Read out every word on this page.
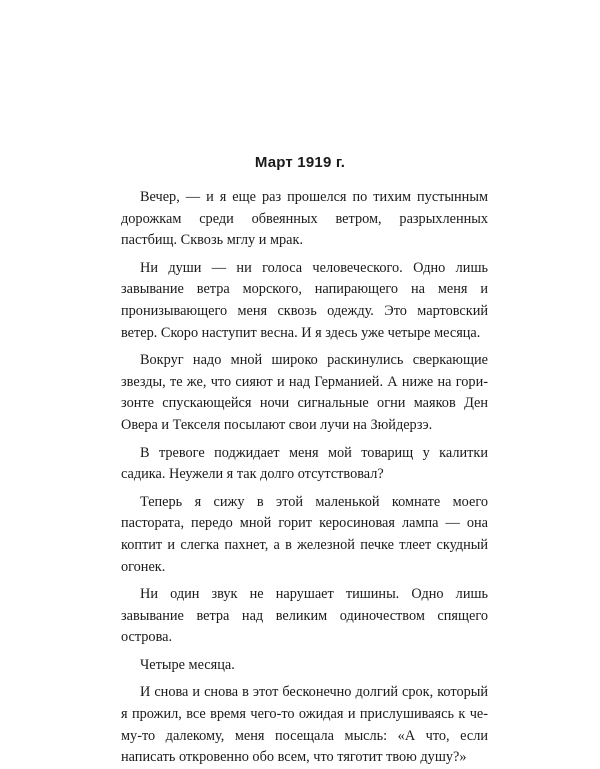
Март 1919 г.

Вечер, — и я еще раз прошелся по тихим пустынным дорожкам среди обвеянных ветром, разрыхленных пастбищ. Сквозь мглу и мрак.

Ни души — ни голоса человеческого. Одно лишь завывание ветра морского, напирающего на меня и пронизывающего меня сквозь одежду. Это мартовский ветер. Скоро наступит весна. И я здесь уже четыре месяца.

Вокруг надо мной широко раскинулись сверкающие звезды, те же, что сияют и над Германией. А ниже на горизонте спускающейся ночи сигнальные огни маяков Ден Овера и Текселя посылают свои лучи на Зюйдерзэ.

В тревоге поджидает меня мой товарищ у калитки садика. Неужели я так долго отсутствовал?

Теперь я сижу в этой маленькой комнате моего пастората, передо мной горит керосиновая лампа — она коптит и слегка пахнет, а в железной печке тлеет скудный огонек.

Ни один звук не нарушает тишины. Одно лишь завывание ветра над великим одиночеством спящего острова.

Четыре месяца.

И снова и снова в этот бесконечно долгий срок, который я прожил, все время чего-то ожидая и прислушиваясь к чему-то далекому, меня посещала мысль: «А что, если написать откровенно обо всем, что тяготит твою душу?»
